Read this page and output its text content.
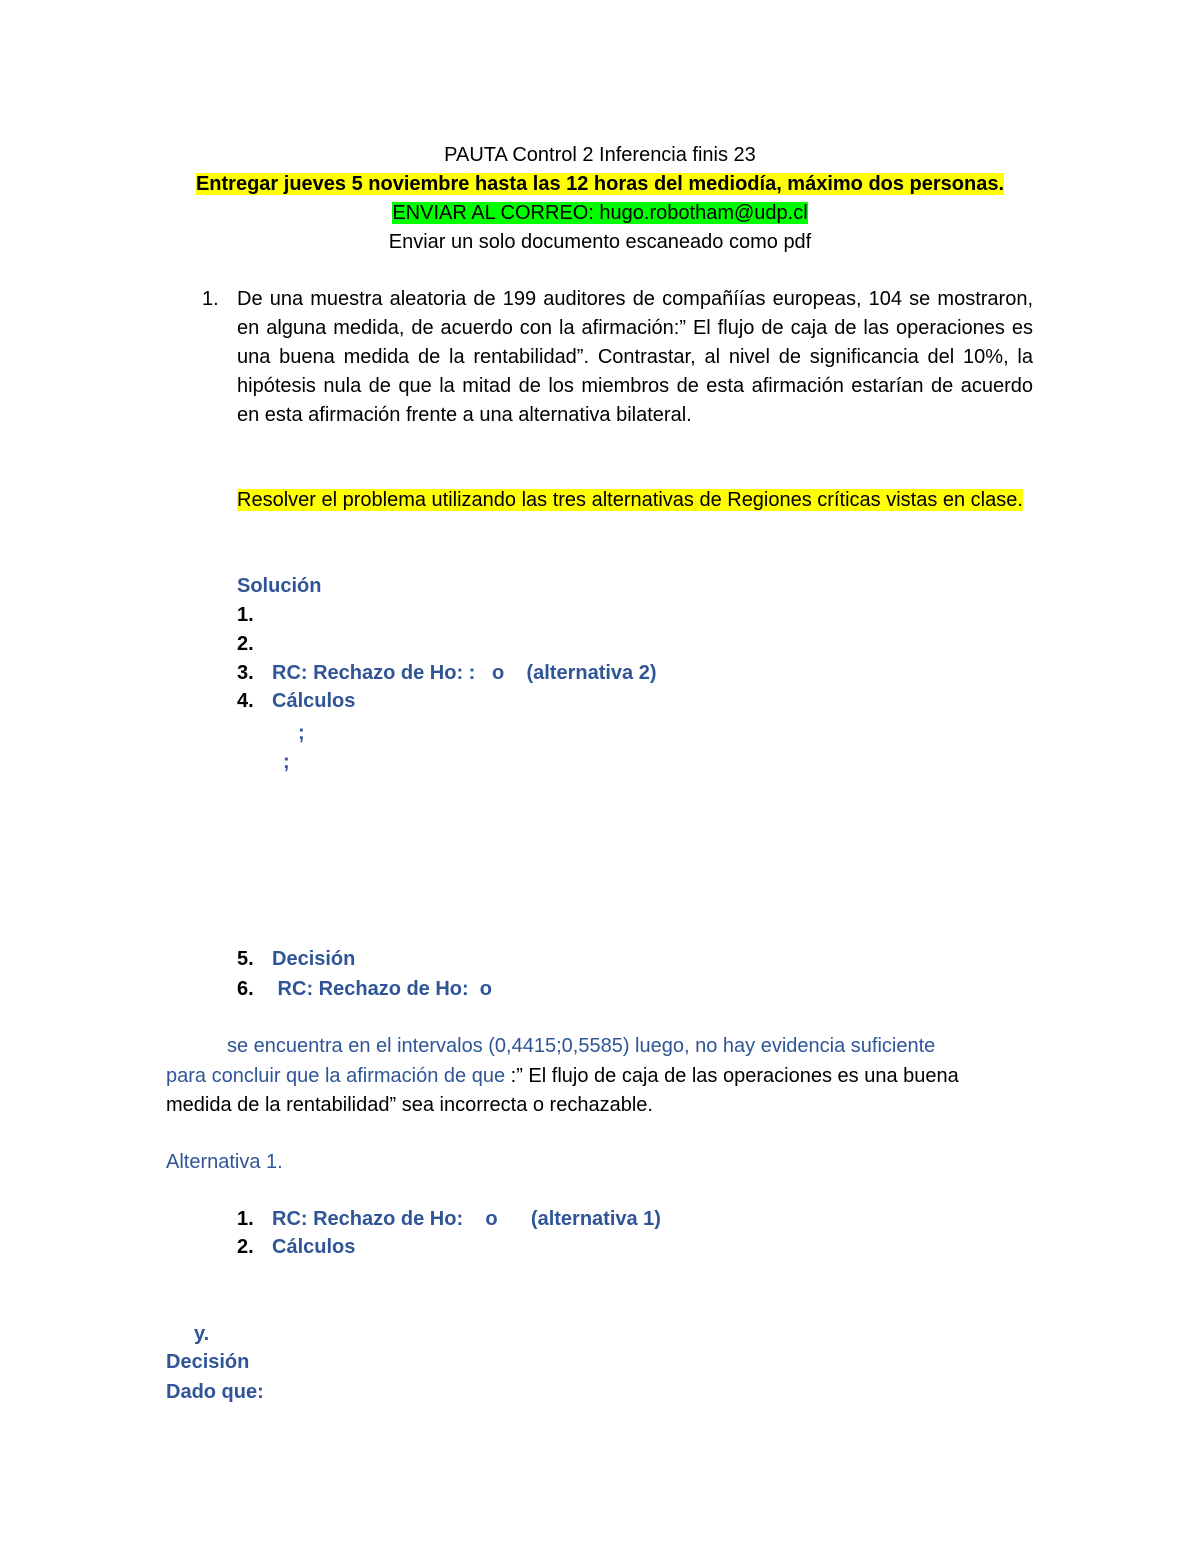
PAUTA Control 2 Inferencia finis 23
Entregar jueves 5 noviembre hasta las 12 horas del mediodía, máximo dos personas.
ENVIAR AL CORREO: hugo.robotham@udp.cl
Enviar un solo documento escaneado como pdf
1. De una muestra aleatoria de 199 auditores de compañíías europeas, 104 se mostraron, en alguna medida, de acuerdo con la afirmación:” El flujo de caja de las operaciones es una buena medida de la rentabilidad”. Contrastar, al nivel de significancia del 10%, la hipótesis nula de que la mitad de los miembros de esta afirmación estarían de acuerdo en esta afirmación frente a una alternativa bilateral.
Resolver el problema utilizando las tres alternativas de Regiones críticas vistas en clase.
Solución
1.
2.
3. RC: Rechazo de Ho: :   o    (alternativa 2)
4. Cálculos
;
;
5. Decisión
6. RC: Rechazo de Ho:  o
se encuentra en el intervalos (0,4415;0,5585) luego, no hay evidencia suficiente
para concluir que la afirmación de que :” El flujo de caja de las operaciones es una buena
medida de la rentabilidad” sea incorrecta o rechazable.
Alternativa 1.
1. RC: Rechazo de Ho:    o      (alternativa 1)
2. Cálculos
y.
Decisión
Dado que:
